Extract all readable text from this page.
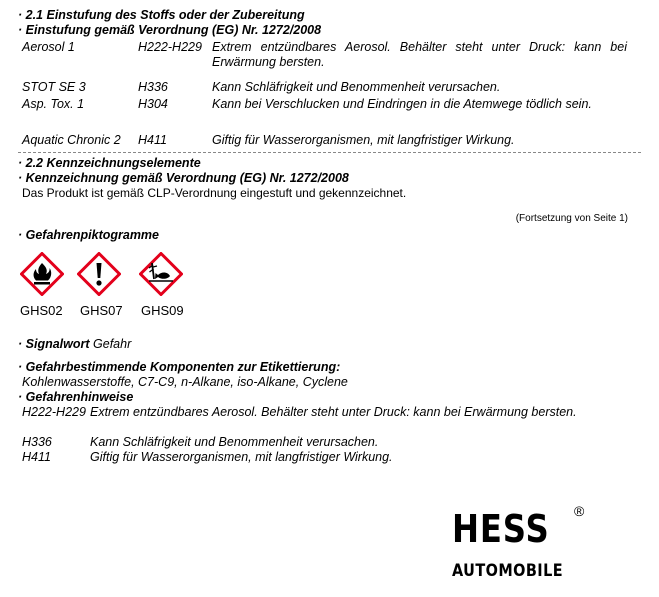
· 2.1 Einstufung des Stoffs oder der Zubereitung
· Einstufung gemäß Verordnung (EG) Nr. 1272/2008
Aerosol 1	H222-H229 Extrem entzündbares Aerosol. Behälter steht unter Druck: kann bei Erwärmung bersten.
STOT SE 3	H336	Kann Schläfrigkeit und Benommenheit verursachen.
Asp. Tox. 1	H304	Kann bei Verschlucken und Eindringen in die Atemwege tödlich sein.
Aquatic Chronic 2 H411	Giftig für Wasserorganismen, mit langfristiger Wirkung.
· 2.2 Kennzeichnungselemente
· Kennzeichnung gemäß Verordnung (EG) Nr. 1272/2008
Das Produkt ist gemäß CLP-Verordnung eingestuft und gekennzeichnet.
(Fortsetzung von Seite 1)
· Gefahrenpiktogramme
GHS02 GHS07 GHS09
· Signalwort Gefahr
· Gefahrbestimmende Komponenten zur Etikettierung:
Kohlenwasserstoffe, C7-C9, n-Alkane, iso-Alkane, Cyclene
· Gefahrenhinweise
H222-H229 Extrem entzündbares Aerosol. Behälter steht unter Druck: kann bei Erwärmung bersten.
H336	Kann Schläfrigkeit und Benommenheit verursachen.
H411	Giftig für Wasserorganismen, mit langfristiger Wirkung.
HESS ®
AUTOMOBILE
